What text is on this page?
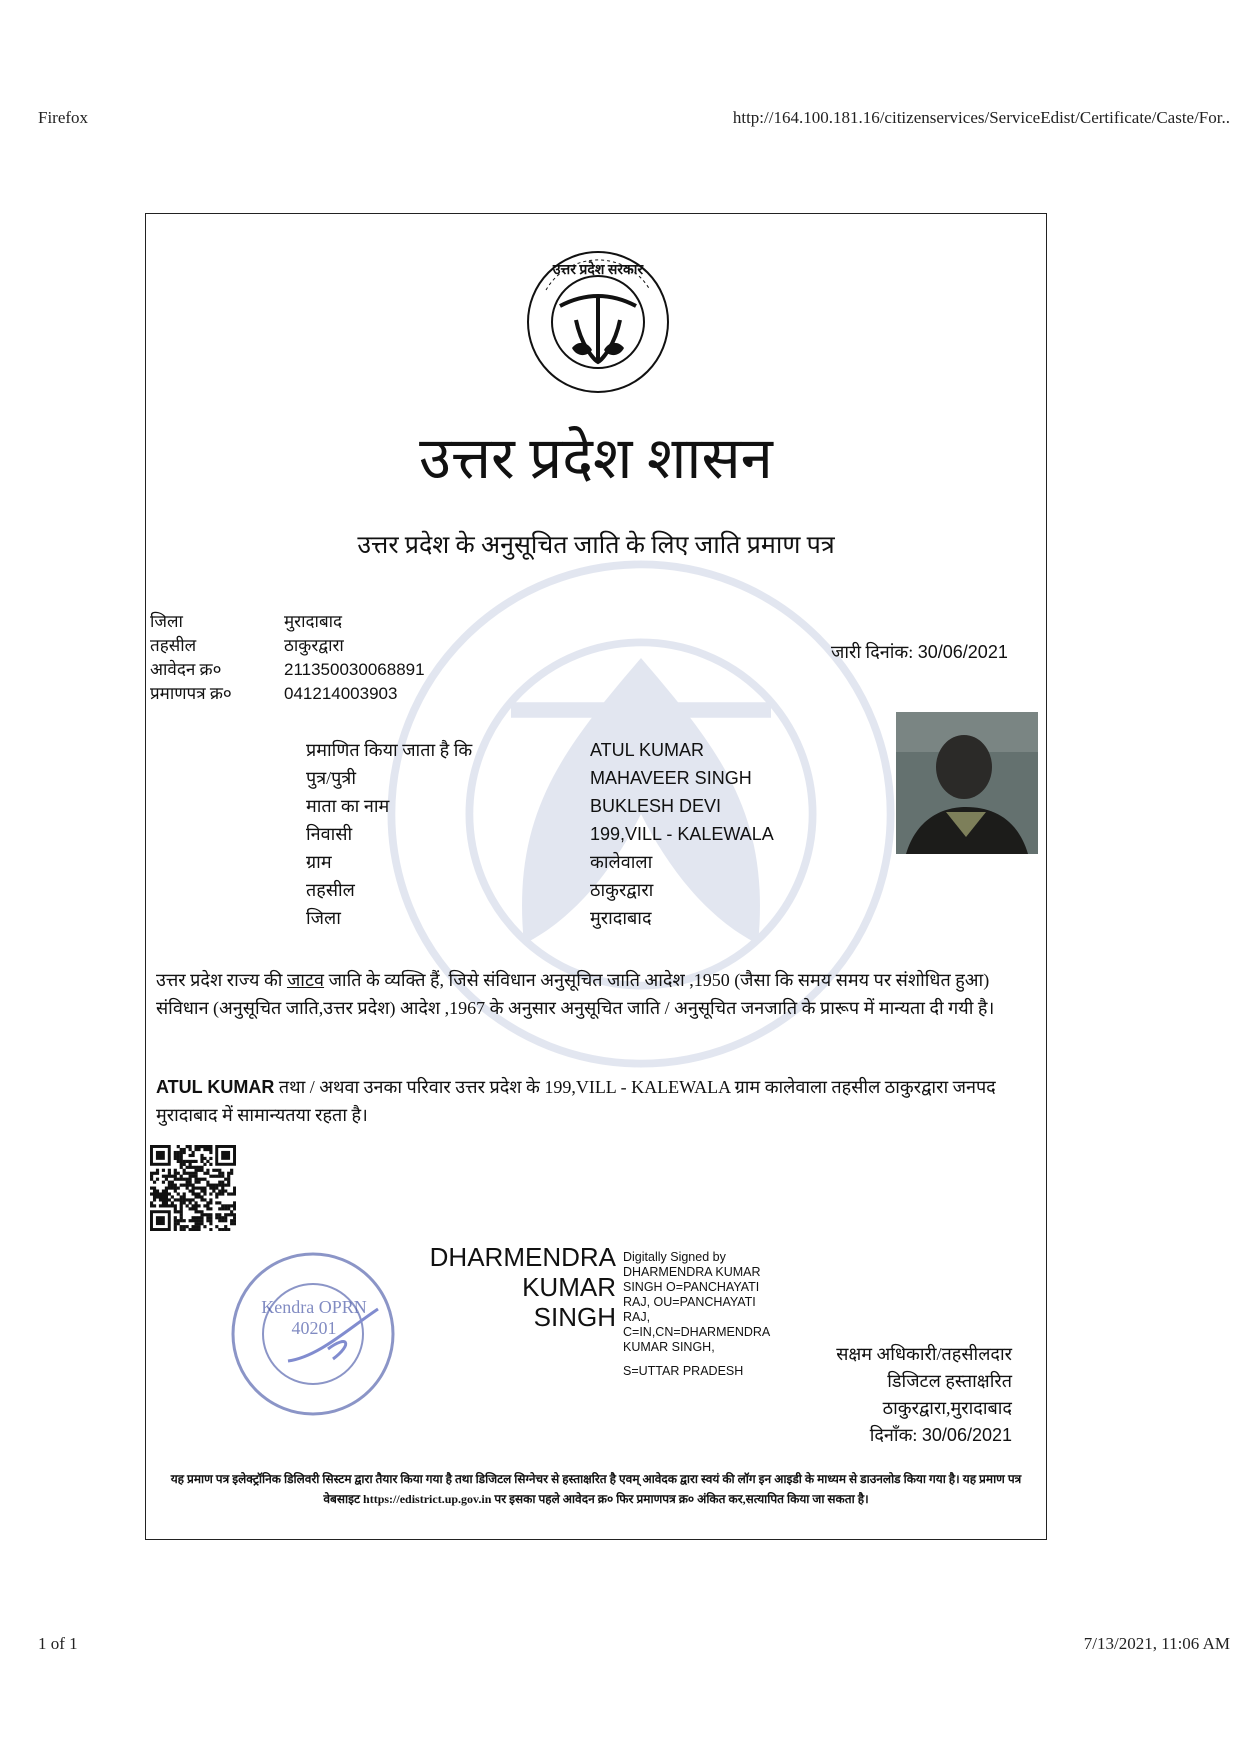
Firefox	http://164.100.181.16/citizenservices/ServiceEdist/Certificate/Caste/For..
उत्तर प्रदेश सरकार
उत्तर प्रदेश शासन
उत्तर प्रदेश के अनुसूचित जाति के लिए जाति प्रमाण पत्र
जिला	मुरादाबाद
तहसील	ठाकुरद्वारा
आवेदन क्र०	211350030068891
प्रमाणपत्र क्र०	041214003903
जारी दिनांक: 30/06/2021
प्रमाणित किया जाता है कि	ATUL KUMAR
पुत्र/पुत्री	MAHAVEER SINGH
माता का नाम	BUKLESH DEVI
निवासी	199,VILL - KALEWALA
ग्राम	कालेवाला
तहसील	ठाकुरद्वारा
जिला	मुरादाबाद
उत्तर प्रदेश राज्य की जाटव जाति के व्यक्ति हैं, जिसे संविधान अनुसूचित जाति आदेश ,1950 (जैसा कि समय समय पर संशोधित हुआ) संविधान (अनुसूचित जाति,उत्तर प्रदेश) आदेश ,1967 के अनुसार अनुसूचित जाति / अनुसूचित जनजाति के प्रारूप में मान्यता दी गयी है।
ATUL KUMAR तथा / अथवा उनका परिवार उत्तर प्रदेश के 199,VILL - KALEWALA ग्राम कालेवाला तहसील ठाकुरद्वारा जनपद मुरादाबाद में सामान्यतया रहता है।
Kendra OPRN 40201
DHARMENDRA
KUMAR
SINGH
Digitally Signed by
DHARMENDRA KUMAR
SINGH O=PANCHAYATI
RAJ, OU=PANCHAYATI
RAJ,
C=IN,CN=DHARMENDRA
KUMAR SINGH,
S=UTTAR PRADESH
सक्षम अधिकारी/तहसीलदार
डिजिटल हस्ताक्षरित
ठाकुरद्वारा,मुरादाबाद
दिनाँक: 30/06/2021
यह प्रमाण पत्र इलेक्ट्रॉनिक डिलिवरी सिस्टम द्वारा तैयार किया गया है तथा डिजिटल सिग्नेचर से हस्ताक्षरित है एवम् आवेदक द्वारा स्वयं की लॉग इन आइडी के माध्यम से डाउनलोड किया गया है। यह प्रमाण पत्र वेबसाइट https://edistrict.up.gov.in पर इसका पहले आवेदन क्र० फिर प्रमाणपत्र क्र० अंकित कर,सत्यापित किया जा सकता है।
1 of 1	7/13/2021, 11:06 AM
